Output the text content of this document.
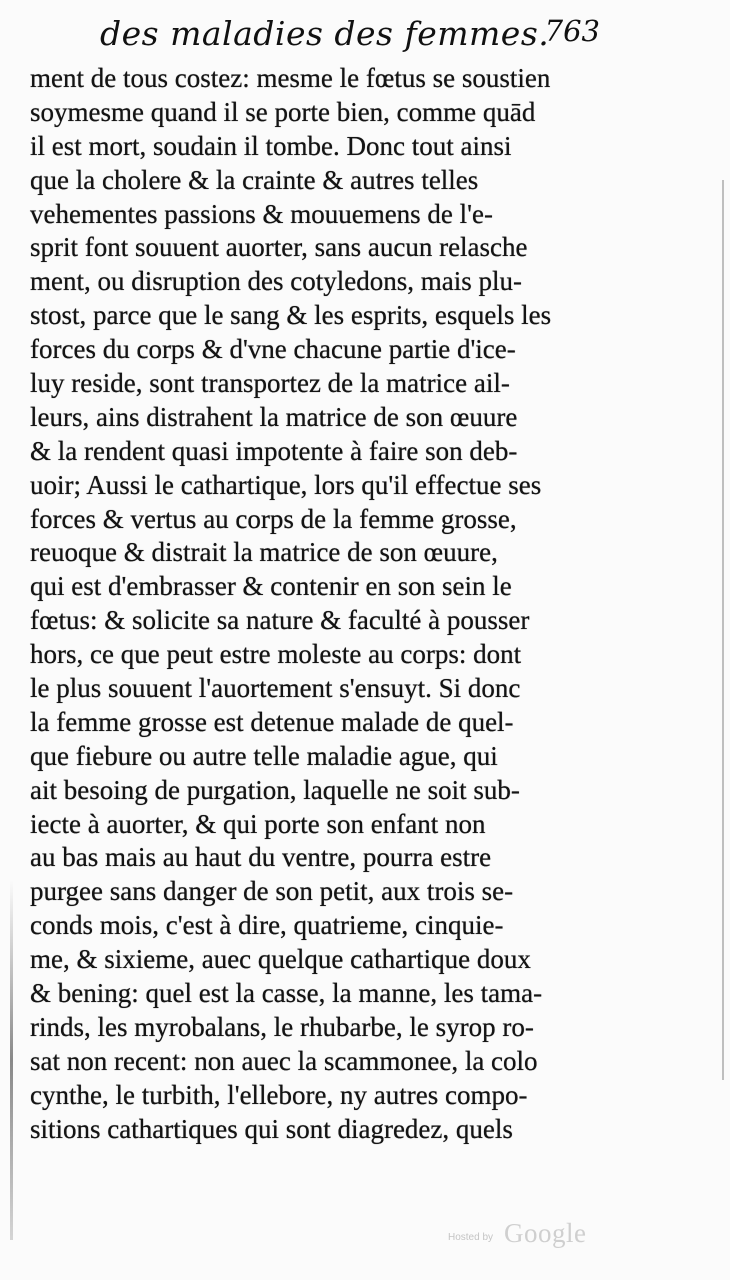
des maladies des femmes.
763
ment de tous costez: mesme le fœtus se soustien
soymesme quand il se porte bien, comme quād
il est mort, soudain il tombe. Donc tout ainsi
que la cholere & la crainte & autres telles
vehementes passions & mouuemens de l'e-
sprit font souuent auorter, sans aucun relasche
ment, ou disruption des cotyledons, mais plu-
stost, parce que le sang & les esprits, esquels les
forces du corps & d'vne chacune partie d'ice-
luy reside, sont transportez de la matrice ail-
leurs, ains distrahent la matrice de son œuure
& la rendent quasi impotente à faire son deb-
uoir; Aussi le cathartique, lors qu'il effectue ses
forces & vertus au corps de la femme grosse,
reuoque & distrait la matrice de son œuure,
qui est d'embrasser & contenir en son sein le
fœtus: & solicite sa nature & faculté à pousser
hors, ce que peut estre moleste au corps: dont
le plus souuent l'auortement s'ensuyt. Si donc
la femme grosse est detenue malade de quel-
que fiebure ou autre telle maladie ague, qui
ait besoing de purgation, laquelle ne soit sub-
iecte à auorter, & qui porte son enfant non
au bas mais au haut du ventre, pourra estre
purgee sans danger de son petit, aux trois se-
conds mois, c'est à dire, quatrieme, cinquie-
me, & sixieme, auec quelque cathartique doux
& bening: quel est la casse, la manne, les tama-
rinds, les myrobalans, le rhubarbe, le syrop ro-
sat non recent: non auec la scammonee, la colo
cynthe, le turbith, l'ellebore, ny autres compo-
sitions cathartiques qui sont diagredez, quels
Hosted by Google
